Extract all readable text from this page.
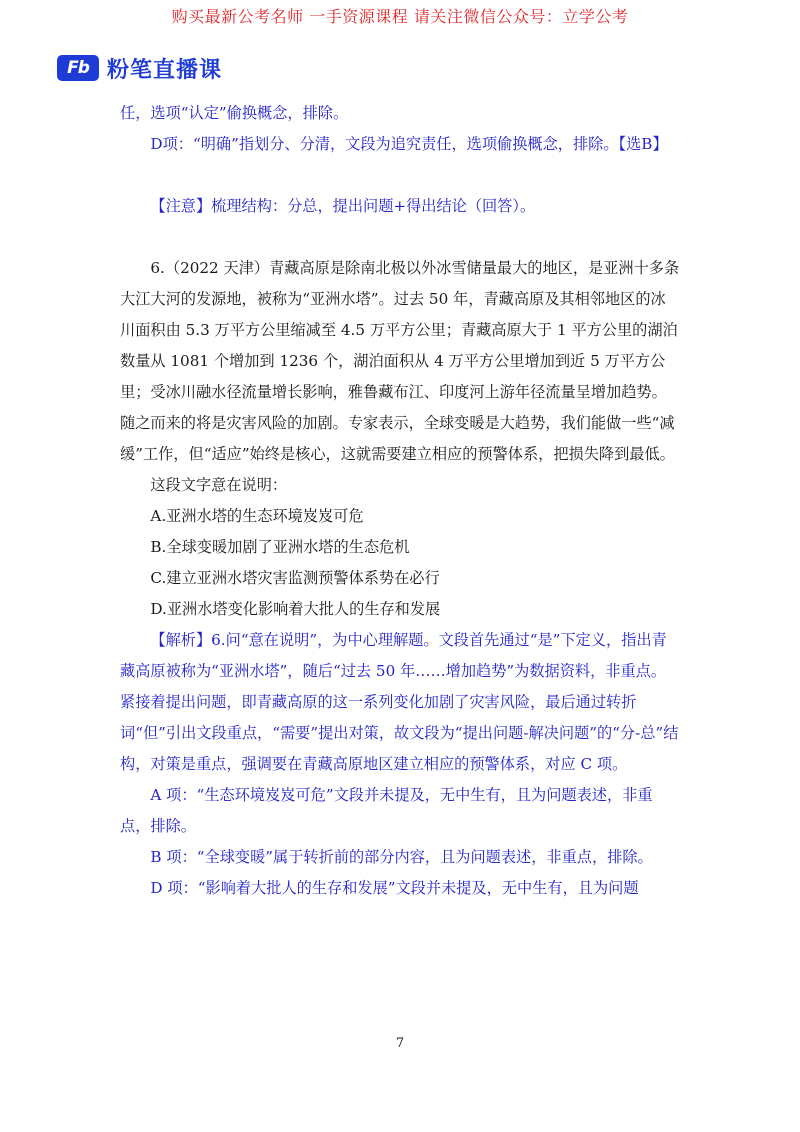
购买最新公考名师 一手资源课程 请关注微信公众号：立学公考
Fb 粉笔直播课

任，选项“认定”偷换概念，排除。

D项：“明确”指划分、分清，文段为追究责任，选项偷换概念，排除。【选B】

【注意】梳理结构：分总，提出问题+得出结论（回答）。

6.（2022 天津）青藏高原是除南北极以外冰雪储量最大的地区，是亚洲十多条大江大河的发源地，被称为“亚洲水塔”。过去 50 年，青藏高原及其相邻地区的冰川面积由 5.3 万平方公里缩减至 4.5 万平方公里；青藏高原大于 1 平方公里的湖泊数量从 1081 个增加到 1236 个，湖泊面积从 4 万平方公里增加到近 5 万平方公里；受冰川融水径流量增长影响，雅鲁藏布江、印度河上游年径流量呈增加趋势。随之而来的将是灾害风险的加剧。专家表示，全球变暖是大趋势，我们能做一些“减缓”工作，但“适应”始终是核心，这就需要建立相应的预警体系，把损失降到最低。

这段文字意在说明：

A.亚洲水塔的生态环境岌岌可危

B.全球变暖加剧了亚洲水塔的生态危机

C.建立亚洲水塔灾害监测预警体系势在必行

D.亚洲水塔变化影响着大批人的生存和发展

【解析】6.问“意在说明”，为中心理解题。文段首先通过“是”下定义，指出青藏高原被称为“亚洲水塔”，随后“过去 50 年……增加趋势”为数据资料，非重点。紧接着提出问题，即青藏高原的这一系列变化加剧了灾害风险，最后通过转折词“但”引出文段重点，“需要”提出对策，故文段为“提出问题-解决问题”的“分-总”结构，对策是重点，强调要在青藏高原地区建立相应的预警体系，对应 C 项。

A 项：“生态环境岌岌可危”文段并未提及，无中生有，且为问题表述，非重点，排除。

B 项：“全球变暖”属于转折前的部分内容，且为问题表述，非重点，排除。

D 项：“影响着大批人的生存和发展”文段并未提及，无中生有，且为问题

7
